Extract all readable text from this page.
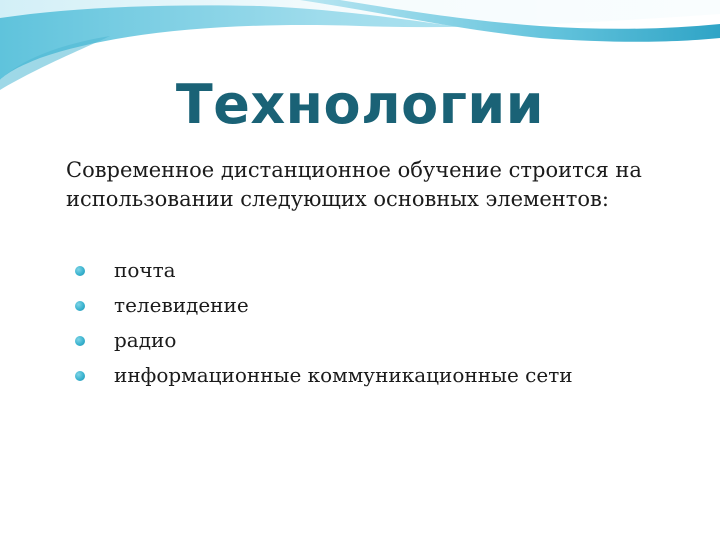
Технологии

Современное дистанционное обучение строится на использовании следующих основных элементов:

почта
телевидение
радио
информационные коммуникационные сети
